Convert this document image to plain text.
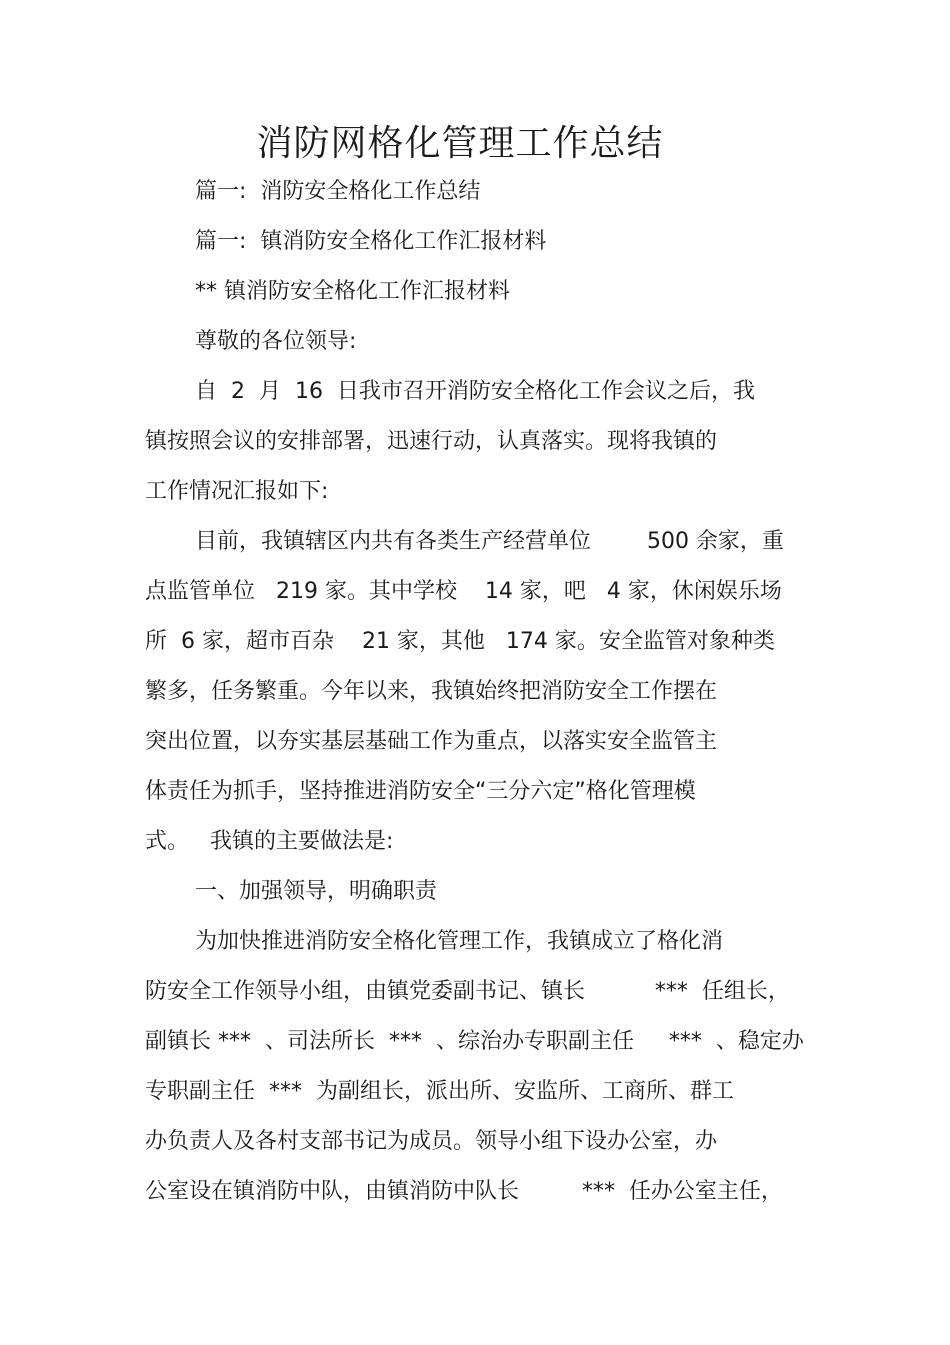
消防网格化管理工作总结
篇一:  消防安全格化工作总结
篇一:  镇消防安全格化工作汇报材料
** 镇消防安全格化工作汇报材料
尊敬的各位领导:
自  2  月  16  日我市召开消防安全格化工作会议之后，我
镇按照会议的安排部署，迅速行动，认真落实。现将我镇的
工作情况汇报如下:
目前，我镇辖区内共有各类生产经营单位        500 余家，重
点监管单位   219 家。其中学校    14 家，吧   4 家，休闲娱乐场
所  6 家，超市百杂    21 家，其他   174 家。安全监管对象种类
繁多，任务繁重。今年以来，我镇始终把消防安全工作摆在
突出位置，以夯实基层基础工作为重点，以落实安全监管主
体责任为抓手，坚持推进消防安全“三分六定”格化管理模
式。   我镇的主要做法是:
一、加强领导，明确职责
为加快推进消防安全格化管理工作，我镇成立了格化消
防安全工作领导小组，由镇党委副书记、镇长          ***  任组长，
副镇长 ***  、司法所长  ***  、综治办专职副主任     ***  、稳定办
专职副主任  ***  为副组长，派出所、安监所、工商所、群工
办负责人及各村支部书记为成员。领导小组下设办公室，办
公室设在镇消防中队，由镇消防中队长         ***  任办公室主任，
